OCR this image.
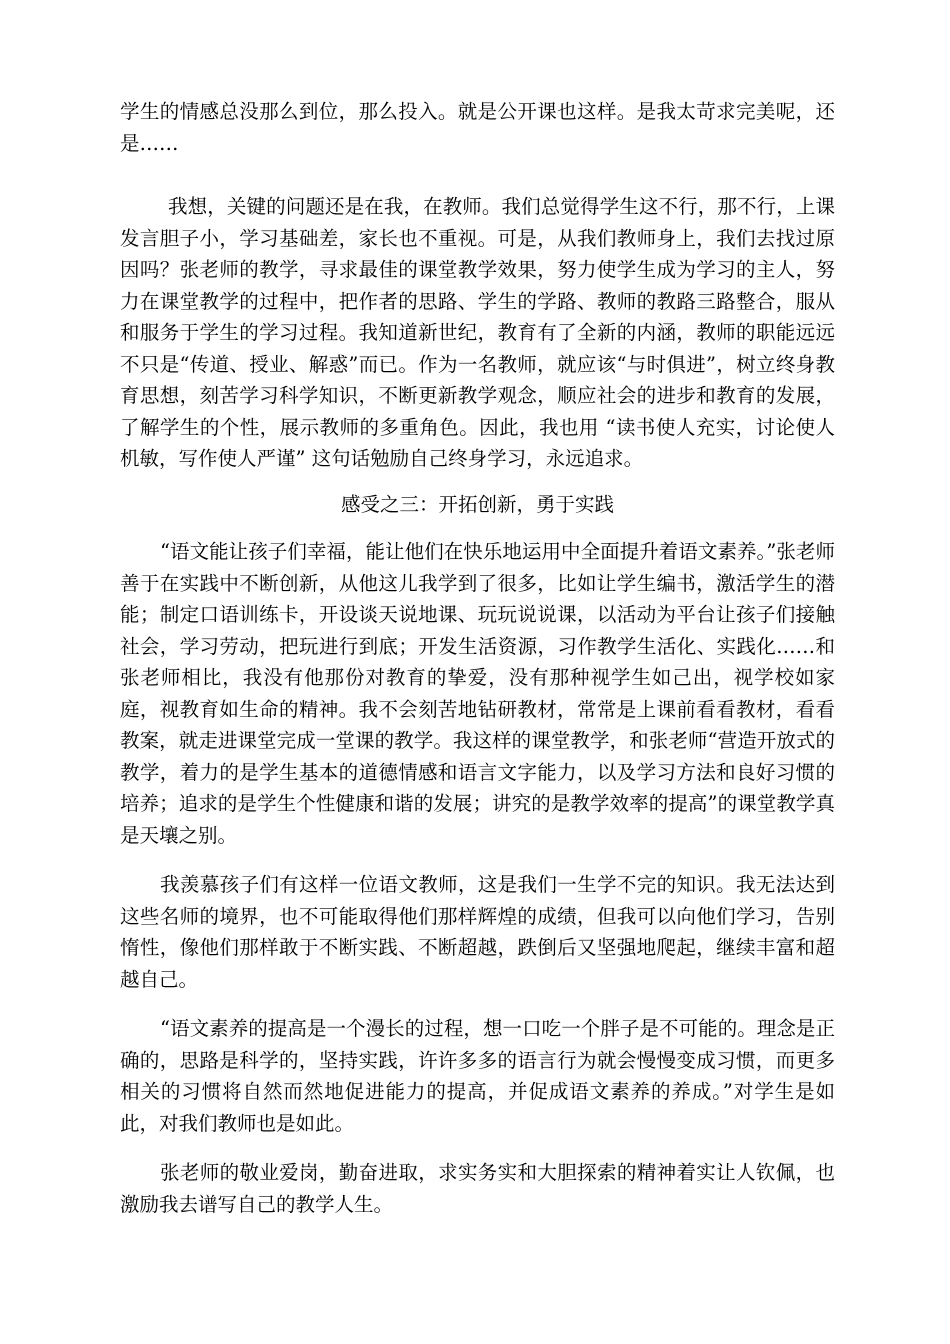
学生的情感总没那么到位，那么投入。就是公开课也这样。是我太苛求完美呢，还是……

我想，关键的问题还是在我，在教师。我们总觉得学生这不行，那不行，上课发言胆子小，学习基础差，家长也不重视。可是，从我们教师身上，我们去找过原因吗？张老师的教学，寻求最佳的课堂教学效果，努力使学生成为学习的主人，努力在课堂教学的过程中，把作者的思路、学生的学路、教师的教路三路整合，服从和服务于学生的学习过程。我知道新世纪，教育有了全新的内涵，教师的职能远远不只是“传道、授业、解惑”而已。作为一名教师，就应该“与时俱进”，树立终身教育思想，刻苦学习科学知识，不断更新教学观念，顺应社会的进步和教育的发展，了解学生的个性，展示教师的多重角色。因此，我也用 “读书使人充实，讨论使人机敏，写作使人严谨” 这句话勉励自己终身学习，永远追求。

感受之三：开拓创新，勇于实践

“语文能让孩子们幸福，能让他们在快乐地运用中全面提升着语文素养。”张老师善于在实践中不断创新，从他这儿我学到了很多，比如让学生编书，激活学生的潜能；制定口语训练卡，开设谈天说地课、玩玩说说课，以活动为平台让孩子们接触社会，学习劳动，把玩进行到底；开发生活资源，习作教学生活化、实践化……和张老师相比，我没有他那份对教育的挚爱，没有那种视学生如己出，视学校如家庭，视教育如生命的精神。我不会刻苦地钻研教材，常常是上课前看看教材，看看教案，就走进课堂完成一堂课的教学。我这样的课堂教学，和张老师“营造开放式的教学，着力的是学生基本的道德情感和语言文字能力，以及学习方法和良好习惯的培养；追求的是学生个性健康和谐的发展；讲究的是教学效率的提高”的课堂教学真是天壤之别。

我羡慕孩子们有这样一位语文教师，这是我们一生学不完的知识。我无法达到这些名师的境界，也不可能取得他们那样辉煌的成绩，但我可以向他们学习，告别惰性，像他们那样敢于不断实践、不断超越，跌倒后又坚强地爬起，继续丰富和超越自己。

“语文素养的提高是一个漫长的过程，想一口吃一个胖子是不可能的。理念是正确的，思路是科学的，坚持实践，许许多多的语言行为就会慢慢变成习惯，而更多相关的习惯将自然而然地促进能力的提高，并促成语文素养的养成。”对学生是如此，对我们教师也是如此。

张老师的敬业爱岗，勤奋进取，求实务实和大胆探索的精神着实让人钦佩，也激励我去谱写自己的教学人生。
